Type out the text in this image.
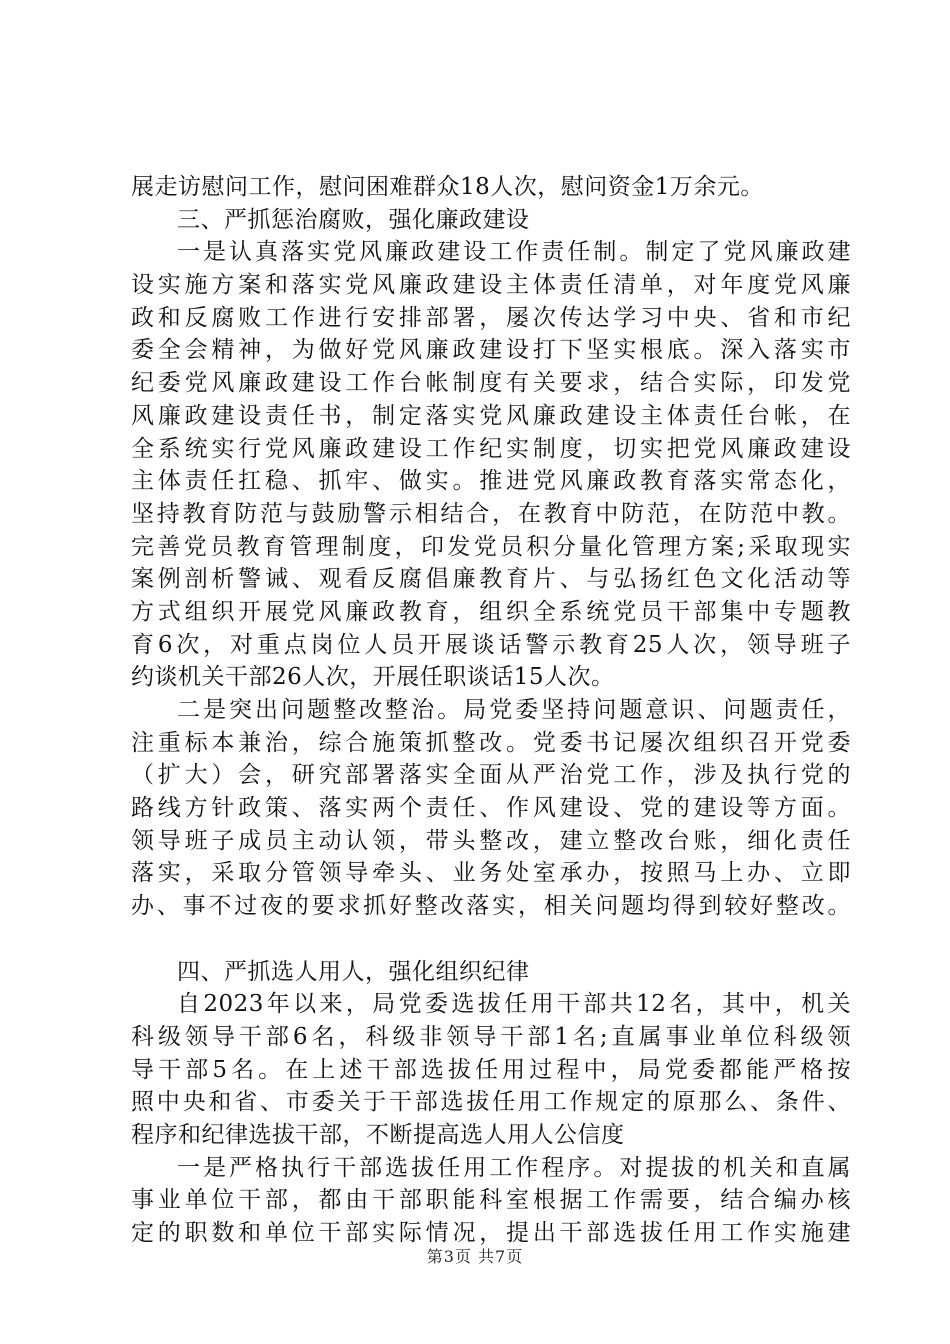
展走访慰问工作，慰问困难群众18人次，慰问资金1万余元。
三、严抓惩治腐败，强化廉政建设
一是认真落实党风廉政建设工作责任制。制定了党风廉政建
设实施方案和落实党风廉政建设主体责任清单，对年度党风廉
政和反腐败工作进行安排部署，屡次传达学习中央、省和市纪
委全会精神，为做好党风廉政建设打下坚实根底。深入落实市
纪委党风廉政建设工作台帐制度有关要求，结合实际，印发党
风廉政建设责任书，制定落实党风廉政建设主体责任台帐，在
全系统实行党风廉政建设工作纪实制度，切实把党风廉政建设
主体责任扛稳、抓牢、做实。推进党风廉政教育落实常态化，
坚持教育防范与鼓励警示相结合，在教育中防范，在防范中教。
完善党员教育管理制度，印发党员积分量化管理方案;采取现实
案例剖析警诫、观看反腐倡廉教育片、与弘扬红色文化活动等
方式组织开展党风廉政教育，组织全系统党员干部集中专题教
育6次，对重点岗位人员开展谈话警示教育25人次，领导班子
约谈机关干部26人次，开展任职谈话15人次。
二是突出问题整改整治。局党委坚持问题意识、问题责任，
注重标本兼治，综合施策抓整改。党委书记屡次组织召开党委
（扩大）会，研究部署落实全面从严治党工作，涉及执行党的
路线方针政策、落实两个责任、作风建设、党的建设等方面。
领导班子成员主动认领，带头整改，建立整改台账，细化责任
落实，采取分管领导牵头、业务处室承办，按照马上办、立即
办、事不过夜的要求抓好整改落实，相关问题均得到较好整改。
四、严抓选人用人，强化组织纪律
自2023年以来，局党委选拔任用干部共12名，其中，机关
科级领导干部6名，科级非领导干部1名;直属事业单位科级领
导干部5名。在上述干部选拔任用过程中，局党委都能严格按
照中央和省、市委关于干部选拔任用工作规定的原那么、条件、
程序和纪律选拔干部，不断提高选人用人公信度
一是严格执行干部选拔任用工作程序。对提拔的机关和直属
事业单位干部，都由干部职能科室根据工作需要，结合编办核
定的职数和单位干部实际情况，提出干部选拔任用工作实施建
第3页 共7页
